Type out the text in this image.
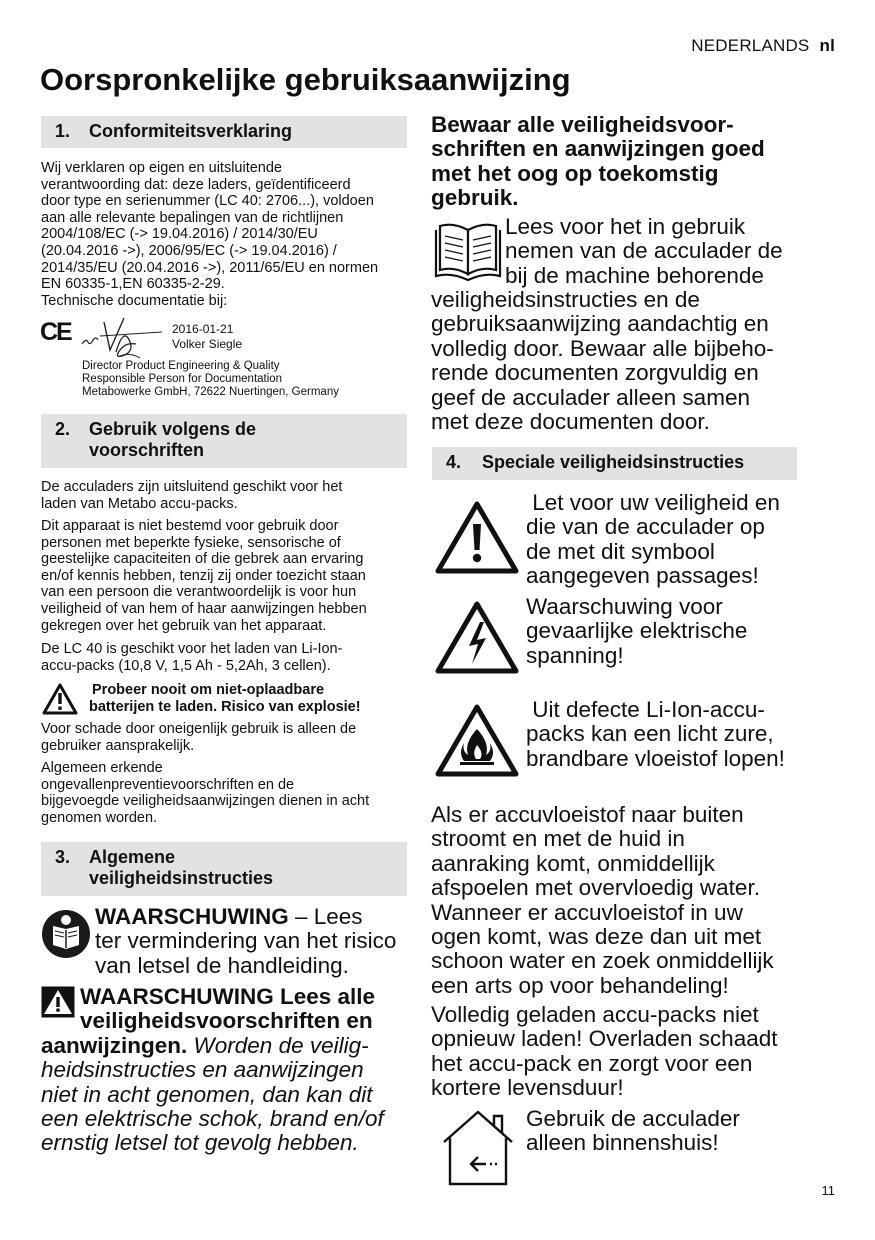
NEDERLANDS nl
Oorspronkelijke gebruiksaanwijzing
1. Conformiteitsverklaring
Wij verklaren op eigen en uitsluitende
verantwoording dat: deze laders, geïdentificeerd
door type en serienummer (LC 40: 2706...), voldoen
aan alle relevante bepalingen van de richtlijnen
2004/108/EC (-> 19.04.2016) / 2014/30/EU
(20.04.2016 ->), 2006/95/EC (-> 19.04.2016) /
2014/35/EU (20.04.2016 ->), 2011/65/EU en normen
EN 60335-1,EN 60335-2-29.
Technische documentatie bij:
CE	2016-01-21
Volker Siegle
Director Product Engineering & Quality
Responsible Person for Documentation
Metabowerke GmbH, 72622 Nuertingen, Germany
2. Gebruik volgens de
voorschriften
De acculaders zijn uitsluitend geschikt voor het
laden van Metabo accu-packs.
Dit apparaat is niet bestemd voor gebruik door
personen met beperkte fysieke, sensorische of
geestelijke capaciteiten of die gebrek aan ervaring
en/of kennis hebben, tenzij zij onder toezicht staan
van een persoon die verantwoordelijk is voor hun
veiligheid of van hem of haar aanwijzingen hebben
gekregen over het gebruik van het apparaat.
De LC 40 is geschikt voor het laden van Li-Ion-
accu-packs (10,8 V, 1,5 Ah - 5,2Ah, 3 cellen).
Probeer nooit om niet-oplaadbare
batterijen te laden. Risico van explosie!
Voor schade door oneigenlijk gebruik is alleen de
gebruiker aansprakelijk.
Algemeen erkende
ongevallenpreventievoorschriften en de
bijgevoegde veiligheidsaanwijzingen dienen in acht
genomen worden.
3. Algemene
veiligheidsinstructies
WAARSCHUWING – Lees
ter vermindering van het risico
van letsel de handleiding.
WAARSCHUWING Lees alle
veiligheidsvoorschriften en
aanwijzingen. Worden de veilig-
heidsinstructies en aanwijzingen
niet in acht genomen, dan kan dit
een elektrische schok, brand en/of
ernstig letsel tot gevolg hebben.
Bewaar alle veiligheidsvoor-
schriften en aanwijzingen goed
met het oog op toekomstig
gebruik.
Lees voor het in gebruik
nemen van de acculader de
bij de machine behorende
veiligheidsinstructies en de
gebruiksaanwijzing aandachtig en
volledig door. Bewaar alle bijbeho-
rende documenten zorgvuldig en
geef de acculader alleen samen
met deze documenten door.
4. Speciale veiligheidsinstructies
Let voor uw veiligheid en
die van de acculader op
de met dit symbool
aangegeven passages!
Waarschuwing voor
gevaarlijke elektrische
spanning!
Uit defecte Li-Ion-accu-
packs kan een licht zure,
brandbare vloeistof lopen!
Als er accuvloeistof naar buiten
stroomt en met de huid in
aanraking komt, onmiddellijk
afspoelen met overvloedig water.
Wanneer er accuvloeistof in uw
ogen komt, was deze dan uit met
schoon water en zoek onmiddellijk
een arts op voor behandeling!
Volledig geladen accu-packs niet
opnieuw laden! Overladen schaadt
het accu-pack en zorgt voor een
kortere levensduur!
Gebruik de acculader
alleen binnenshuis!
11
